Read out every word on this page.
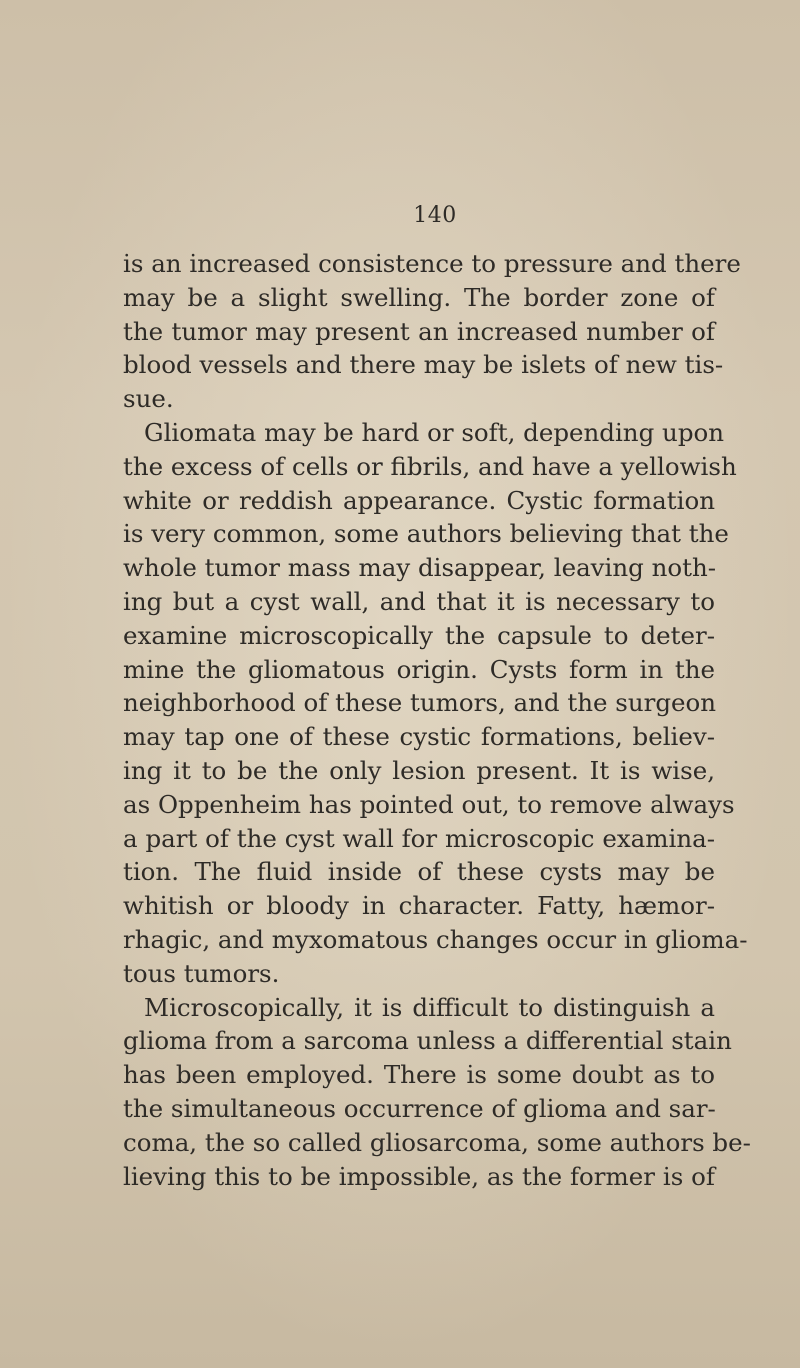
140
is an increased consistence to pressure and there
may be a slight swelling. The border zone of
the tumor may present an increased number of
blood vessels and there may be islets of new tis-
sue.
Gliomata may be hard or soft, depending upon
the excess of cells or fibrils, and have a yellowish
white or reddish appearance. Cystic formation
is very common, some authors believing that the
whole tumor mass may disappear, leaving noth-
ing but a cyst wall, and that it is necessary to
examine microscopically the capsule to deter-
mine the gliomatous origin. Cysts form in the
neighborhood of these tumors, and the surgeon
may tap one of these cystic formations, believ-
ing it to be the only lesion present. It is wise,
as Oppenheim has pointed out, to remove always
a part of the cyst wall for microscopic examina-
tion. The fluid inside of these cysts may be
whitish or bloody in character. Fatty, hæmor-
rhagic, and myxomatous changes occur in glioma-
tous tumors.
Microscopically, it is difficult to distinguish a
glioma from a sarcoma unless a differential stain
has been employed. There is some doubt as to
the simultaneous occurrence of glioma and sar-
coma, the so called gliosarcoma, some authors be-
lieving this to be impossible, as the former is of
